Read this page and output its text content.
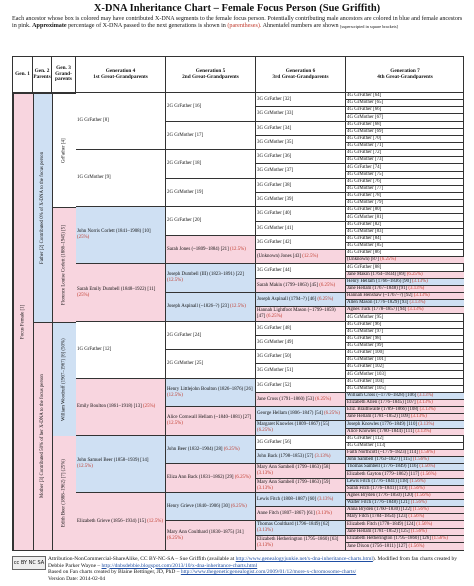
X-DNA Inheritance Chart – Female Focus Person (Sue Griffith)
Each ancestor whose box is colored may have contributed X-DNA segments to the female focus person. Potentially contributing male ancestors are colored in blue and female ancestors in pink. Approximate percentage of X-DNA passed to the next generations is shown in (parentheses). Ahnentafel numbers are shown [superscripted in square brackets]
Gen. 1 Gen. 2 Parents
Gen. 3 Grand-parents
Generation 4
1st Great-Grandparents
Generation 5
2nd Great-Grandparents
Generation 6
3rd Great-Grandparents
Generation 7
4th Great-Grandparents
Focus Female [1]
Father [2] Contributed 0% of X-DNA to the focus person
Mother [3] Contributed 50% of her X-DNA to the focus person
GrFather [4]
Florence Louise Corlett (1886–1945) [5]
William Woodruff (1907–1967) [6] (50%)
Edith Beer (1888–1962) [7] (25%)
1G GrFather [8]
1G GrMother [9]
John Norris Corlett (1841–1908) [10] (25%)
Sarah Emily Dumbell (1848–1922) [11] (25%)
1G GrFather [12]
Emily Boulton (1861–1918) [13] (25%)
John Samuel Beer (1858–1939) [14] (12.5%)
Elizabeth Grieve (1856–1934) [15] (12.5%)
2G GrFather [16]
2G GrMother [17]
2G GrFather [18]
2G GrMother [19]
2G GrFather [20]
Sarah Jones (~1809–1884) [21] (12.5%)
Joseph Dumbell (III) (1823–1891) [22] (12.5%)
Joseph Aspinall (~1826–?) [23] (12.5%)
2G GrFather [24]
2G GrMother [25]
Henry Littlejohn Boulton (1826–1876) [26] (12.5%)
Alice Cornwall Hellam (~1840–1881) [27] (12.5%)
John Beer (1832–1904) [28] (6.25%)
Eliza Ann Back (1831–1862) [29] (6.25%)
Henry Grieve (1840–1906) [30] (6.25%)
Mary Ann Coulthard (1830–1875) [31] (6.25%)
3G GrFather [32]
3G GrMother [33]
3G GrFather [34]
3G GrMother [35]
3G GrFather [36]
3G GrMother [37]
3G GrFather [38]
3G GrMother [39]
3G GrFather [40]
3G GrMother [41]
3G GrFather [42]
(Unknown) Jones [43] (12.5%)
3G GrFather [44]
Sarah Makin (1799–1863) [45] (6.25%)
Joseph Aspinall (1794–?) [46] (6.25%)
Hannah Lightfoot Mason (~1799–1859) [47] (6.25%)
3G GrFather [48]
3G GrMother [49]
3G GrFather [50]
3G GrMother [51]
3G GrFather [52]
Jane Cross (1791–1860) [53] (6.25%)
George Hellam (1806–1847) [54] (6.25%)
Margaret Knowles (1809–1867) [55] (6.25%)
3G GrFather [56]
John Back (1798–1853) [57] (3.13%)
Mary Ann Sambell (1799–1863) [58] (3.13%)
Mary Ann Sambell (1799–1863) [59] (3.13%)
Lewis Fitch (1808–1887) [60] (3.13%)
Anne Fitch (1807–1867) [61] (3.13%)
Thomas Coulthard (1796–1849) [62] (3.13%)
Elizabeth Hetherington (1795–1860) [63] (3.13%)
4G GrFather [64]
4G GrMother [65]
4G GrFather [66]
4G GrMother [67]
4G GrFather [68]
4G GrMother [69]
4G GrFather [70]
4G GrMother [71]
4G GrFather [72]
4G GrMother [73]
4G GrFather [74]
4G GrMother [75]
4G GrFather [76]
4G GrMother [77]
4G GrFather [78]
4G GrMother [79]
4G GrFather [80]
4G GrMother [81]
4G GrFather [82]
4G GrMother [83]
4G GrFather [84]
4G GrMother [85]
4G GrFather [86]
(Unknown) [87] (6.25%)
4G GrFather [88]
Jane Makin (1764–1834) [89] (6.25%)
Henry Hellam (1766–1836) [90] (3.13%)
Jane Hellam (1767–1848) [91] (3.13%)
Hannah Henshaw (~1767–?) [92] (3.13%)
Allen Mason (1776–1829) [93] (3.13%)
Agnes Tuck (1778–1857) [94] (3.13%)
4G GrMother [95]
4G GrFather [96]
4G GrMother [97]
4G GrFather [98]
4G GrMother [99]
4G GrFather [100]
4G GrMother [101]
4G GrFather [102]
4G GrMother [103]
4G GrFather [104]
4G GrMother [105]
William Cross (~1770–1828) [106] (3.13%)
Elizabeth Allen (1776–1845) [107] (3.13%)
Eliz. Braithwaite (1789–1866) [108] (3.13%)
Jane Hellam (1781–1852) [109] (3.13%)
Joseph Knowles (1776–1849) [110] (3.13%)
Alice Knowles (1780–1844) [111] (3.13%)
4G GrFather [112]
4G GrMother [113]
Faith Northcott (~1779–1823) [114] (1.56%)
John Sambell (1763–1827) [115] (1.56%)
Thomas Sambell (1776–1849) [116] (1.56%)
Elizabeth Gayton (1779–1862) [117] (1.56%)
Lewis Fitch (1776–1841) [118] (1.56%)
Sarah Fitch (1776–1841) [119] (1.56%)
Agnes Bryden (1776–1850) [120] (1.56%)
Walter Fitch (1776–1848) [121] (1.56%)
Anna Bryden (1760–1830) [122] (1.56%)
Mary Fitch (1784–1854) [123] (1.56%)
Elizabeth Fitch (1778–1849) [124] (1.56%)
Jane Hellam (1781–1852) [125] (1.56%)
Elizabeth Hetherington (1795–1860) [126] (1.56%)
Jane Dixon (1756–1811) [127] (1.56%)
cc BY NC SA
Attribution-NonCommercial-ShareAlike, CC BY-NC-SA – Sue Griffith (available at http://www.genealogyjunkie.net/x-dna-inheritance-charts.html). Modified from fan charts created by Debbie Parker Wayne – http://dnbsdebbie.blogspot.com/2013/10/x-dna-inheritance-charts.html
Based on Fan charts created by Blaine Bettinger, JD, PhD – http://www.thegeneticgenealogist.com/2009/01/12/more-x-chromosome-charts/
Version Date: 2014-02-04
